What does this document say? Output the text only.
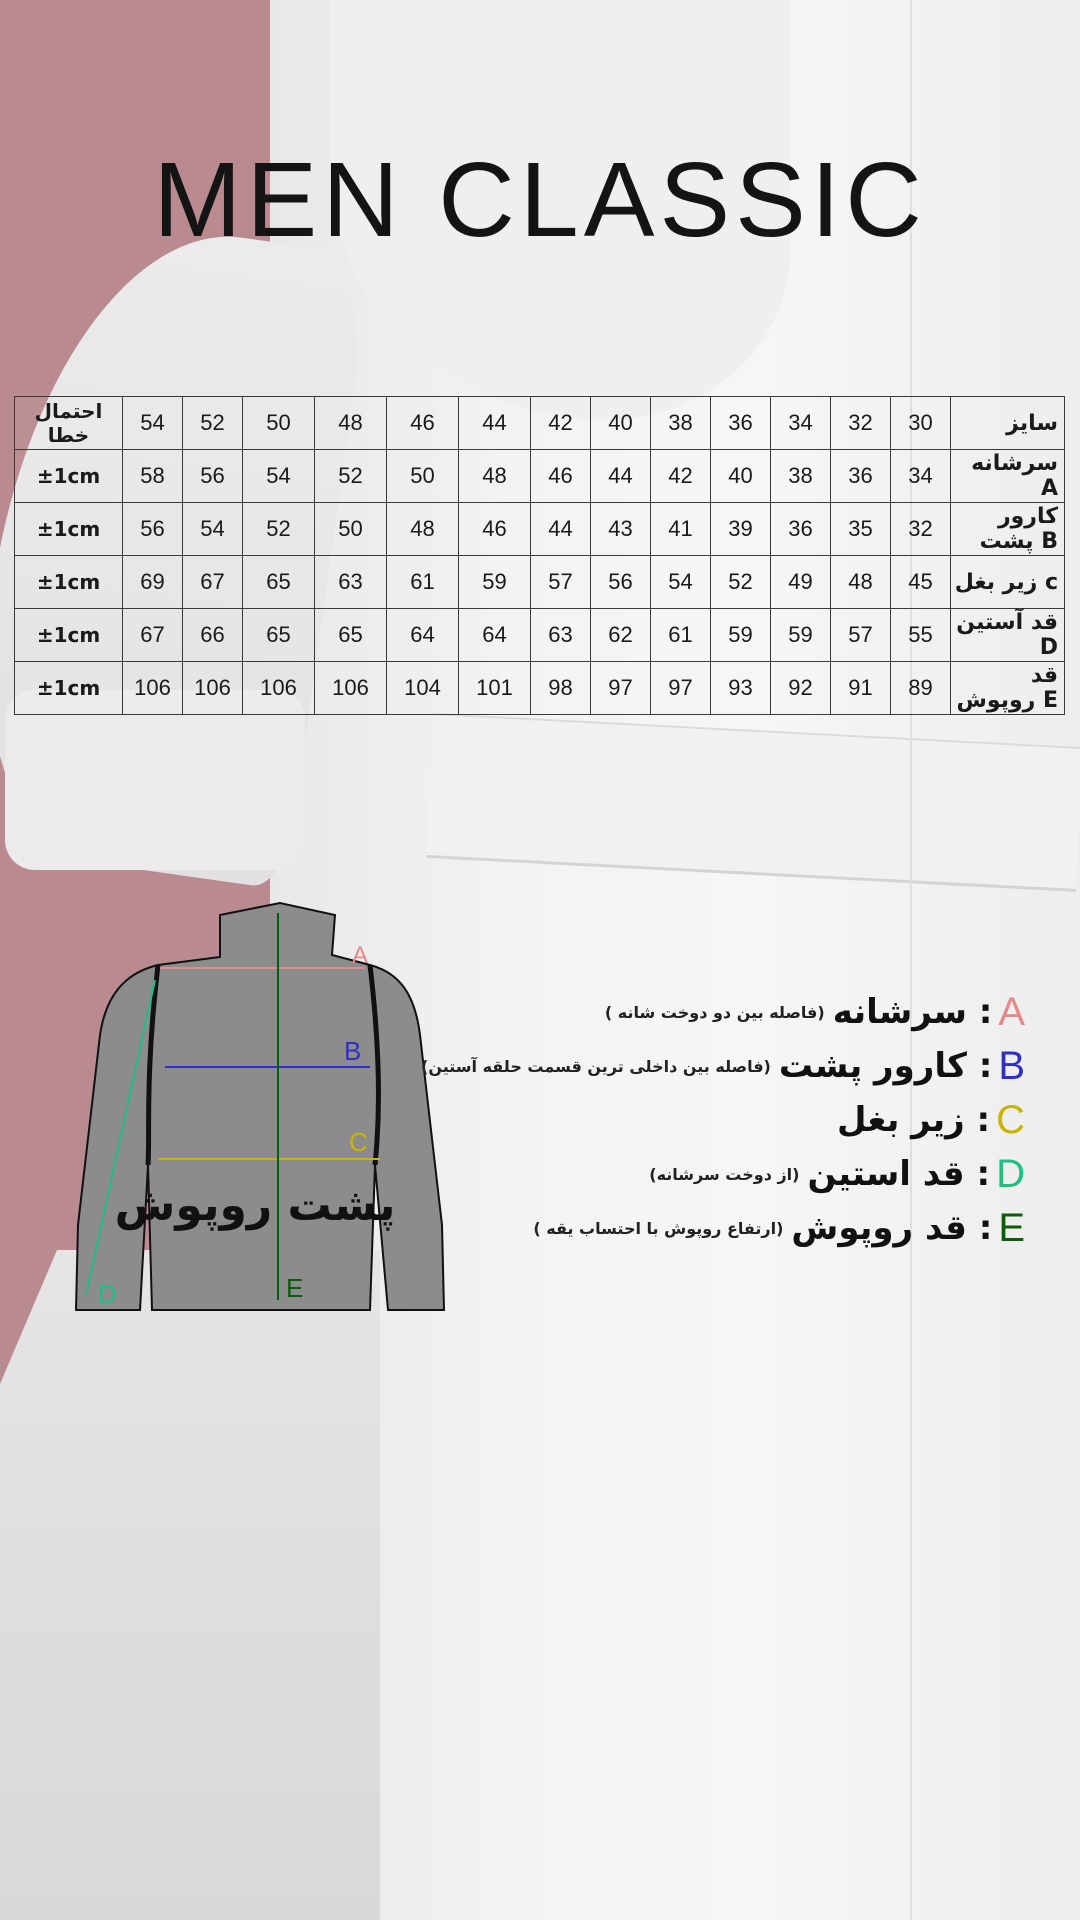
MEN CLASSIC
احتمال خطا	54	52	50	48	46	44	42	40	38	36	34	32	30	سایز
±1cm	58	56	54	52	50	48	46	44	42	40	38	36	34	سرشانه A
±1cm	56	54	52	50	48	46	44	43	41	39	36	35	32	کارور پشت B
±1cm	69	67	65	63	61	59	57	56	54	52	49	48	45	زیر بغل c
±1cm	67	66	65	65	64	64	63	62	61	59	59	57	55	قد آستین D
±1cm	106	106	106	106	104	101	98	97	97	93	92	91	89	قد روپوش E
A
B
C
D	E
پشت روپوش
A
: سرشانه
(فاصله بین دو دوخت شانه )
B
: کارور پشت
(فاصله بین داخلی ترین قسمت حلقه آستین)
C
: زیر بغل
D
: قد استین
(از دوخت سرشانه)
E
: قد روپوش
(ارتفاع روپوش با احتساب یقه )
